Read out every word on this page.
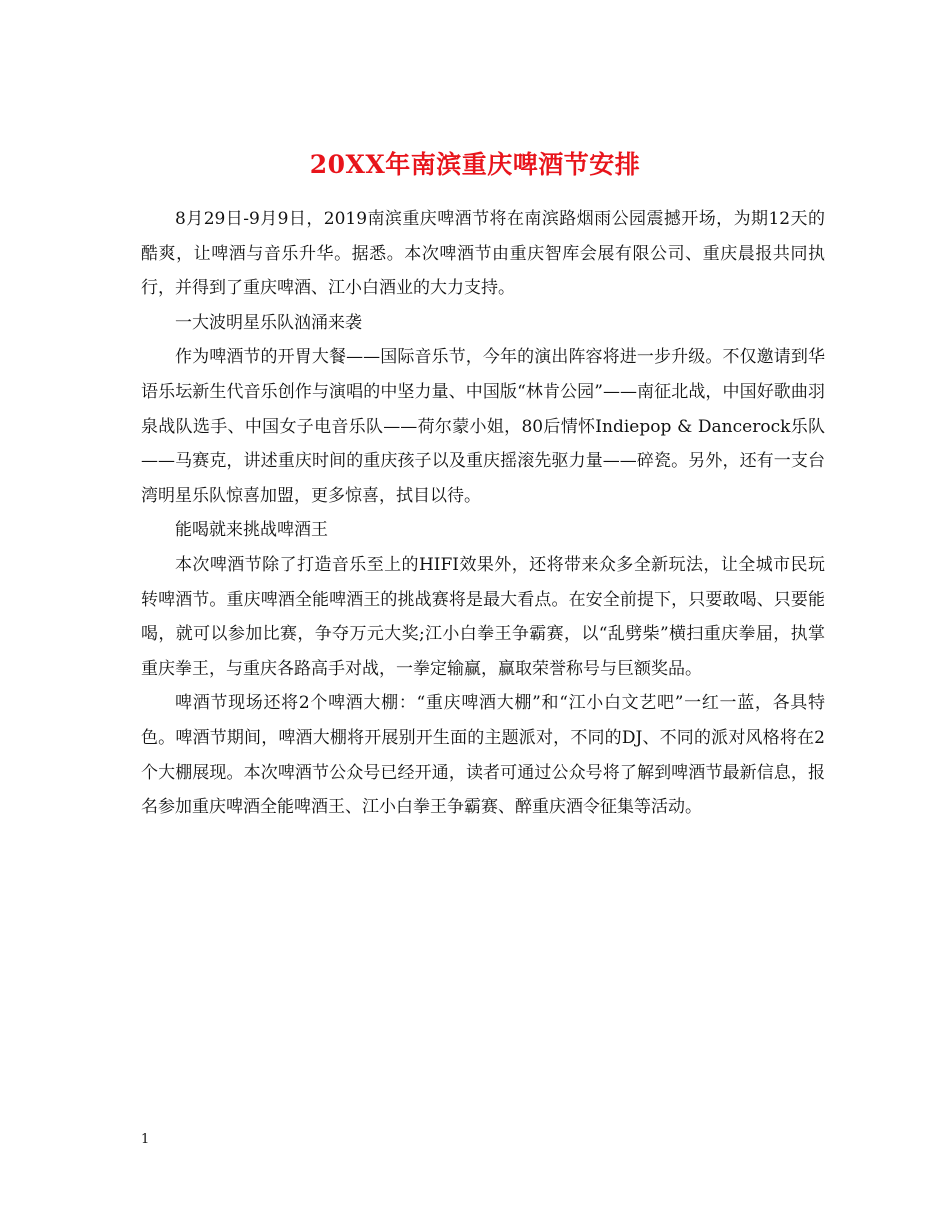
20XX年南滨重庆啤酒节安排

8月29日-9月9日，2019南滨重庆啤酒节将在南滨路烟雨公园震撼开场，为期12天的酷爽，让啤酒与音乐升华。据悉。本次啤酒节由重庆智库会展有限公司、重庆晨报共同执行，并得到了重庆啤酒、江小白酒业的大力支持。

一大波明星乐队汹涌来袭

作为啤酒节的开胃大餐——国际音乐节，今年的演出阵容将进一步升级。不仅邀请到华语乐坛新生代音乐创作与演唱的中坚力量、中国版“林肯公园”——南征北战，中国好歌曲羽泉战队选手、中国女子电音乐队——荷尔蒙小姐，80后情怀Indiepop & Dancerock乐队——马赛克，讲述重庆时间的重庆孩子以及重庆摇滚先驱力量——碎瓷。另外，还有一支台湾明星乐队惊喜加盟，更多惊喜，拭目以待。

能喝就来挑战啤酒王

本次啤酒节除了打造音乐至上的HIFI效果外，还将带来众多全新玩法，让全城市民玩转啤酒节。重庆啤酒全能啤酒王的挑战赛将是最大看点。在安全前提下，只要敢喝、只要能喝，就可以参加比赛，争夺万元大奖;江小白拳王争霸赛，以“乱劈柴”横扫重庆拳届，执掌重庆拳王，与重庆各路高手对战，一拳定输赢，赢取荣誉称号与巨额奖品。

啤酒节现场还将2个啤酒大棚：“重庆啤酒大棚”和“江小白文艺吧”一红一蓝，各具特色。啤酒节期间，啤酒大棚将开展别开生面的主题派对，不同的DJ、不同的派对风格将在2个大棚展现。本次啤酒节公众号已经开通，读者可通过公众号将了解到啤酒节最新信息，报名参加重庆啤酒全能啤酒王、江小白拳王争霸赛、醉重庆酒令征集等活动。

1
